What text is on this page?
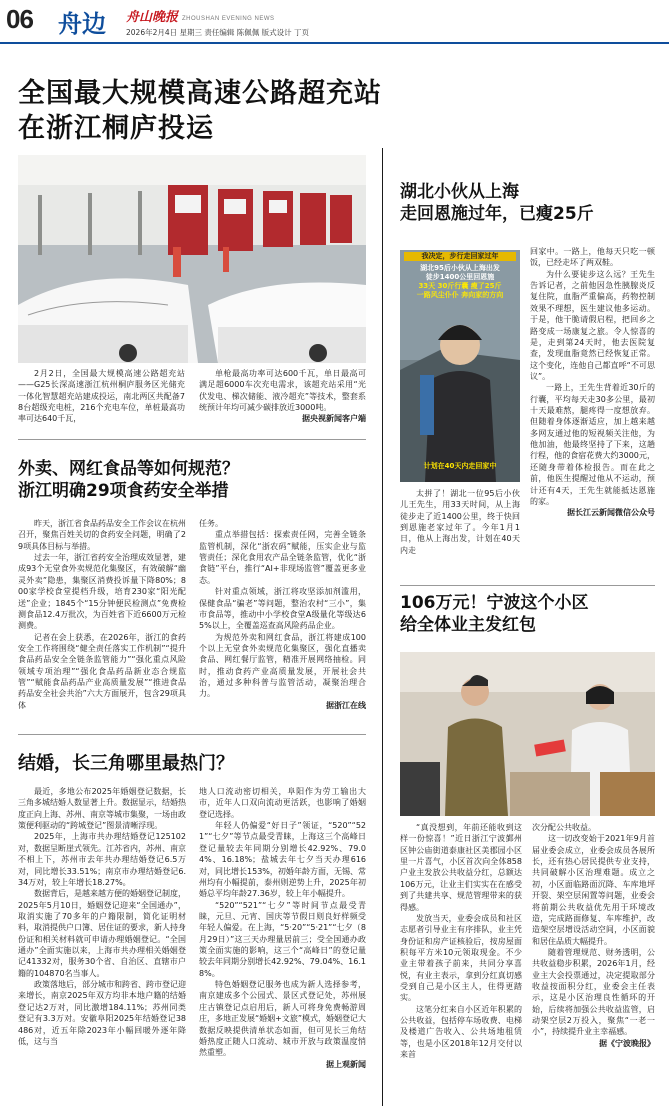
06 舟边 舟山晚报 ZHOUSHAN EVENING NEWS
2026年2月4日 星期三 责任编辑 陈佩佩 版式设计 丁页
全国最大规模高速公路超充站
在浙江桐庐投运

2月2日，全国最大规模高速公路超充站——G25长深高速浙江杭州桐庐服务区光储充一体化智慧超充站建成投运，南北两区共配备78台超级充电桩，216个充电车位，单桩最高功率可达640千瓦，

单枪最高功率可达600千瓦，单日最高可满足超6000车次充电需求，该超充站采用“光伏发电、梯次储能、液冷超充”等技术，整套系统预计年均可减少碳排放近3000吨。

据央视新闻客户端

湖北小伙从上海
走回恩施过年，已瘦25斤
我决定，步行走回家过年
湖北95后小伙从上海出发
徒步1400公里回恩施
33天 30斤行囊 瘦了25斤
一路风尘仆仆 奔向家的方向
计划在40天内走回家中

太拼了！湖北一位95后小伙儿王先生，用33天时间，从上海徒步走了近1400公里，终于快回到恩施老家过年了。今年1月1日，他从上海出发，计划在40天内走

回家中。一路上，他每天只吃一顿饭，已经走坏了两双鞋。

为什么要徒步这么远？王先生告诉记者，之前他因急性胰腺炎反复住院，血脂严重偏高，药物控制效果不理想，医生建议他多运动。于是，他干脆请假启程，把回乡之路变成一场康复之旅。令人惊喜的是，走到第24天时，他去医院复查，发现血脂竟然已经恢复正常。这个变化，连他自己都直呼“不可思议”。

一路上，王先生背着近30斤的行囊，平均每天走30多公里，最初十天最难熬，腿疼得一度想放弃。但随着身体逐渐适应，加上越来越多网友通过他的短视频关注他，为他加油，他最终坚持了下来，这趟行程，他的食宿花费大约3000元，还随身带着体检报告。而在此之前，他医生提醒过他从不运动，预计还有4天，王先生就能抵达恩施的家。

据长江云新闻微信公众号

外卖、网红食品等如何规范？
浙江明确29项食药安全举措

昨天，浙江省食品药品安全工作会议在杭州召开，聚焦百姓关切的食药安全问题，明确了29项具体目标与举措。

过去一年，浙江省药安全治理成效显著，建成93个无堂食外卖规范化集聚区，有效破解“幽灵外卖”隐患，集聚区消费投诉量下降80%；800家学校食堂提档升级，培育230家“阳光配送”企业；1845个“15分钟便民检测点”免费检测食品12.4万批次，为百姓省下近6600万元检测费。

记者在会上获悉，在2026年，浙江的食药安全工作将围绕“健全责任落实工作机制”“提升食品药品安全全链条监管能力”“强化重点风险领域专项治理”“强化食品药品新业态合规监管”“赋能食品药品产业高质量发展”“推进食品药品安全社会共治”六大方面展开，包含29项具体

任务。

重点举措包括：探索责任网，完善全链条监管机制，深化“浙农码”赋能，压实企业与监管责任；深化食用农产品全链条监管，优化“浙食链”平台，推行“AI+非现场监管”覆盖更多业态。

针对重点领域，浙江将攻坚添加剂滥用，保健食品“骗老”等问题，整治农村“三小”，集市食品等，推动中小学校食堂A级量化等级达65%以上，全覆盖巡查高风险药品企业。

为规范外卖和网红食品，浙江将建成100个以上无堂食外卖规范化集聚区，强化直播卖食品、网红餐厅监管，精准开展网络抽检。同时，推动食药产业高质量发展，开展社会共治，通过多种科普与监管活动，凝聚治理合力。

据浙江在线

106万元！宁波这个小区
给全体业主发红包

“真没想到，年前还能收到这样一份惊喜！”近日浙江宁波鄞州区钟公庙街道泰康社区美郡园小区里一片喜气，小区首次向全体858户业主发放公共收益分红，总额达106万元，让业主们实实在在感受到了共建共享、规范管理带来的获得感。

发放当天，业委会成员和社区志愿者引导业主有序排队，业主凭身份证和房产证核验后，按房屋面积每平方米10元领取现金。不少业主带着孩子前来，共同分享喜悦，有业主表示，拿到分红真切感受到自己是小区主人，住得更踏实。

这笔分红来自小区近年积累的公共收益，包括停车场收费、电梯及楼道广告收入、公共场地租赁等，也是小区2018年12月交付以来首

次分配公共收益。

这一切改变始于2021年9月首届业委会成立，业委会成员各展所长，还有热心居民提供专业支持，共同破解小区治理难题。成立之初，小区面临路面沉降、车库地坪开裂、架空层闲置等问题，业委会将前期公共收益优先用于环境改造，完成路面修复、车库维护，改造架空层增设活动空间，小区面貌和居住品质大幅提升。

随着管理规范、财务透明，公共收益稳步积累，2026年1月，经业主大会投票通过，决定提取部分收益按面积分红，业委会主任表示，这是小区治理良性循环的开始，后续将加强公共收益监管，启动架空层2万投入，聚焦“一老一小”，持续提升业主幸福感。

据《宁波晚报》

结婚，长三角哪里最热门？

最近，多地公布2025年婚姻登记数据，长三角多城结婚人数显著上升。数据显示，结婚热度正向上海、苏州、南京等城市集聚，一场由政策便利驱动的“跨城登记”图景清晰浮现。

2025年，上海市共办理结婚登记125102对，数据呈断崖式领先。江苏省内，苏州、南京不相上下，苏州市去年共办理结婚登记6.5万对，同比增长33.51%；南京市办理结婚登记6.34万对，较上年增长18.27%。

数据背后，是越来越方便的婚姻登记制度，2025年5月10日，婚姻登记迎来“全国通办”，取消实施了70多年的户籍限制，简化证明材料，取消提供户口簿、居住证的要求，新人持身份证和相关材料就可申请办理婚姻登记。“全国通办”全面实施以来，上海市共办理相关婚姻登记41332对，服务30个省、自治区、直辖市户籍的104870名当事人。

政策落地后，部分城市和跨省、跨市登记迎来增长，南京2025年双方均非本地户籍的结婚登记达2万对，同比激增184.11%；苏州同类登记有3.3万对。安徽阜阳2025年结婚登记38486对，近五年除2023年小幅回暖外逐年降低，这与当

地人口流动密切相关，阜阳作为劳工输出大市，近年人口双向流动更活跃，也影响了婚姻登记选择。

年轻人仍偏爱“好日子”领证，“520”“521”“七夕”等节点最受青睐，上海这三个高峰日登记量较去年同期分别增长42.92%、79.04%、16.18%；盐城去年七夕当天办理616对，同比增长153%，初婚年龄方面，无锡、常州均有小幅提前，泰州则逆势上升，2025年初婚总平均年龄27.36岁，较上年小幅提升。

“520”“521”“七夕”等时间节点最受青睐，元旦、元宵、国庆等节假日则良好样频受年轻人偏爱。在上海，“5·20”“5·21”“七夕（8月29日）”这三天办理量居前三；受全国通办政策全面实施的影响，这三个“高峰日”的登记量较去年同期分别增长42.92%、79.04%、16.18%。

特色婚姻登记服务也成为新人选择参考，南京建成多个公园式、景区式登记处，苏州展庄古镇登记点启用后，新人可将身免费畅游周庄，多地正发展“婚姻+文旅”模式，婚姻登记大数据反映提供清单状态如面，但可见长三角结婚热度正随人口流动、城市开放与政策温度悄然重塑。

据上观新闻
